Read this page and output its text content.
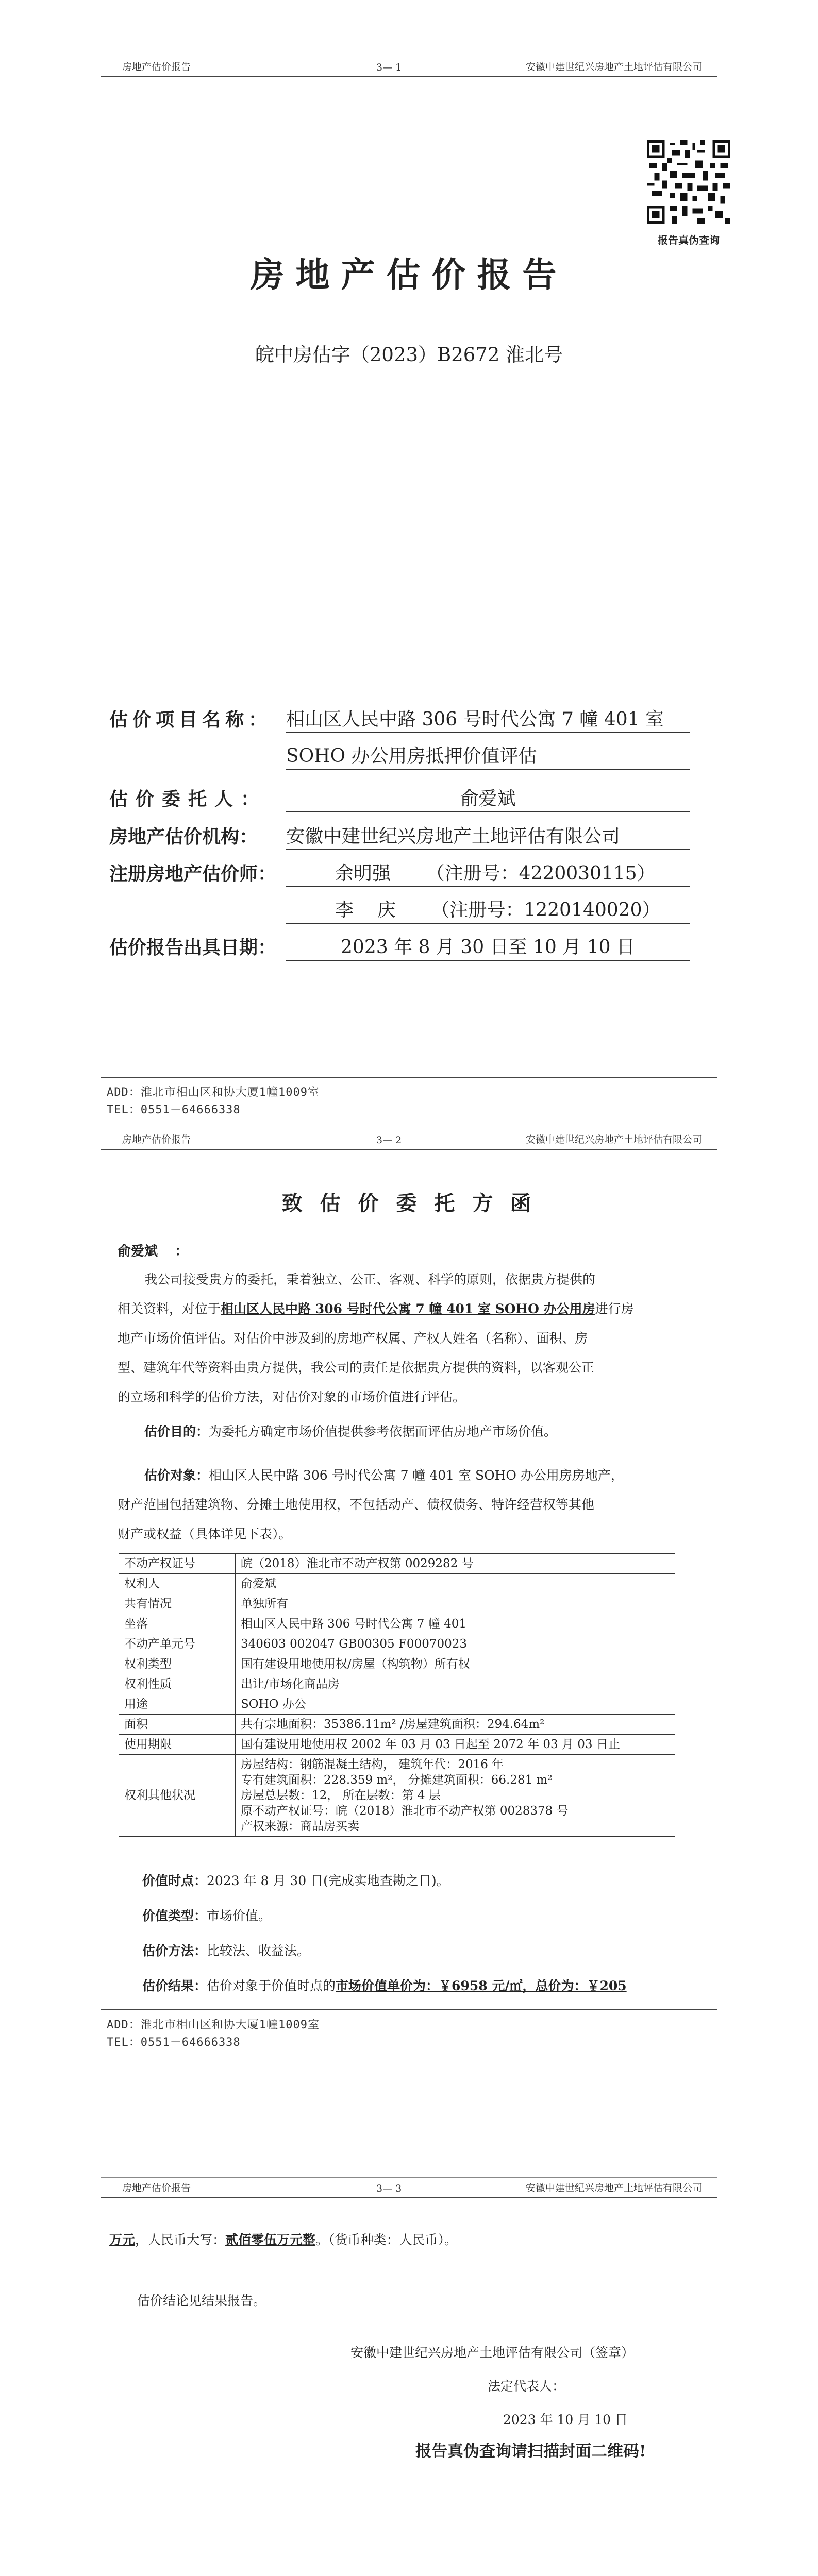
房地产估价报告	3— 1	安徽中建世纪兴房地产土地评估有限公司
报告真伪查询
房地产估价报告
皖中房估字（2023）B2672 淮北号
估价项目名称： 相山区人民中路 306 号时代公寓 7 幢 401 室
SOHO 办公用房抵押价值评估
估价委托人：	俞爱斌
房地产估价机构： 安徽中建世纪兴房地产土地评估有限公司
注册房地产估价师：	余明强      （注册号：4220030115）
李    庆      （注册号：1220140020）
估价报告出具日期：	2023 年 8 月 30 日至 10 月 10 日
ADD：淮北市相山区和协大厦1幢1009室
TEL：0551－64666338
房地产估价报告	3— 2	安徽中建世纪兴房地产土地评估有限公司
致 估 价 委 托 方 函
俞爱斌 ：
我公司接受贵方的委托，秉着独立、公正、客观、科学的原则，依据贵方提供的
相关资料，对位于相山区人民中路 306 号时代公寓 7 幢 401 室 SOHO 办公用房进行房
地产市场价值评估。对估价中涉及到的房地产权属、产权人姓名（名称）、面积、房
型、建筑年代等资料由贵方提供，我公司的责任是依据贵方提供的资料，以客观公正
的立场和科学的估价方法，对估价对象的市场价值进行评估。
估价目的：为委托方确定市场价值提供参考依据而评估房地产市场价值。
估价对象：相山区人民中路 306 号时代公寓 7 幢 401 室 SOHO 办公用房房地产，
财产范围包括建筑物、分摊土地使用权，不包括动产、债权债务、特许经营权等其他
财产或权益（具体详见下表）。
不动产权证号	皖（2018）淮北市不动产权第 0029282 号

权利人	俞爱斌

共有情况	单独所有

坐落	相山区人民中路 306 号时代公寓 7 幢 401

不动产单元号	340603 002047 GB00305 F00070023

权利类型	国有建设用地使用权/房屋（构筑物）所有权

权利性质	出让/市场化商品房

用途	SOHO 办公

面积	共有宗地面积：35386.11m² /房屋建筑面积：294.64m²

使用期限	国有建设用地使用权 2002 年 03 月 03 日起至 2072 年 03 月 03 日止

权利其他状况	房屋结构：钢筋混凝土结构， 建筑年代：2016 年
专有建筑面积：228.359 m²， 分摊建筑面积：66.281 m²
房屋总层数：12， 所在层数：第 4 层
原不动产权证号：皖（2018）淮北市不动产权第 0028378 号
产权来源：商品房买卖
价值时点：2023 年 8 月 30 日(完成实地查勘之日)。
价值类型：市场价值。
估价方法：比较法、收益法。
估价结果：估价对象于价值时点的市场价值单价为：￥6958 元/㎡，总价为：￥205
ADD：淮北市相山区和协大厦1幢1009室
TEL：0551－64666338
房地产估价报告	3— 3	安徽中建世纪兴房地产土地评估有限公司
万元，人民币大写：贰佰零伍万元整。（货币种类：人民币）。
估价结论见结果报告。
安徽中建世纪兴房地产土地评估有限公司（签章）
法定代表人：
2023 年 10 月 10 日
报告真伪查询请扫描封面二维码!
